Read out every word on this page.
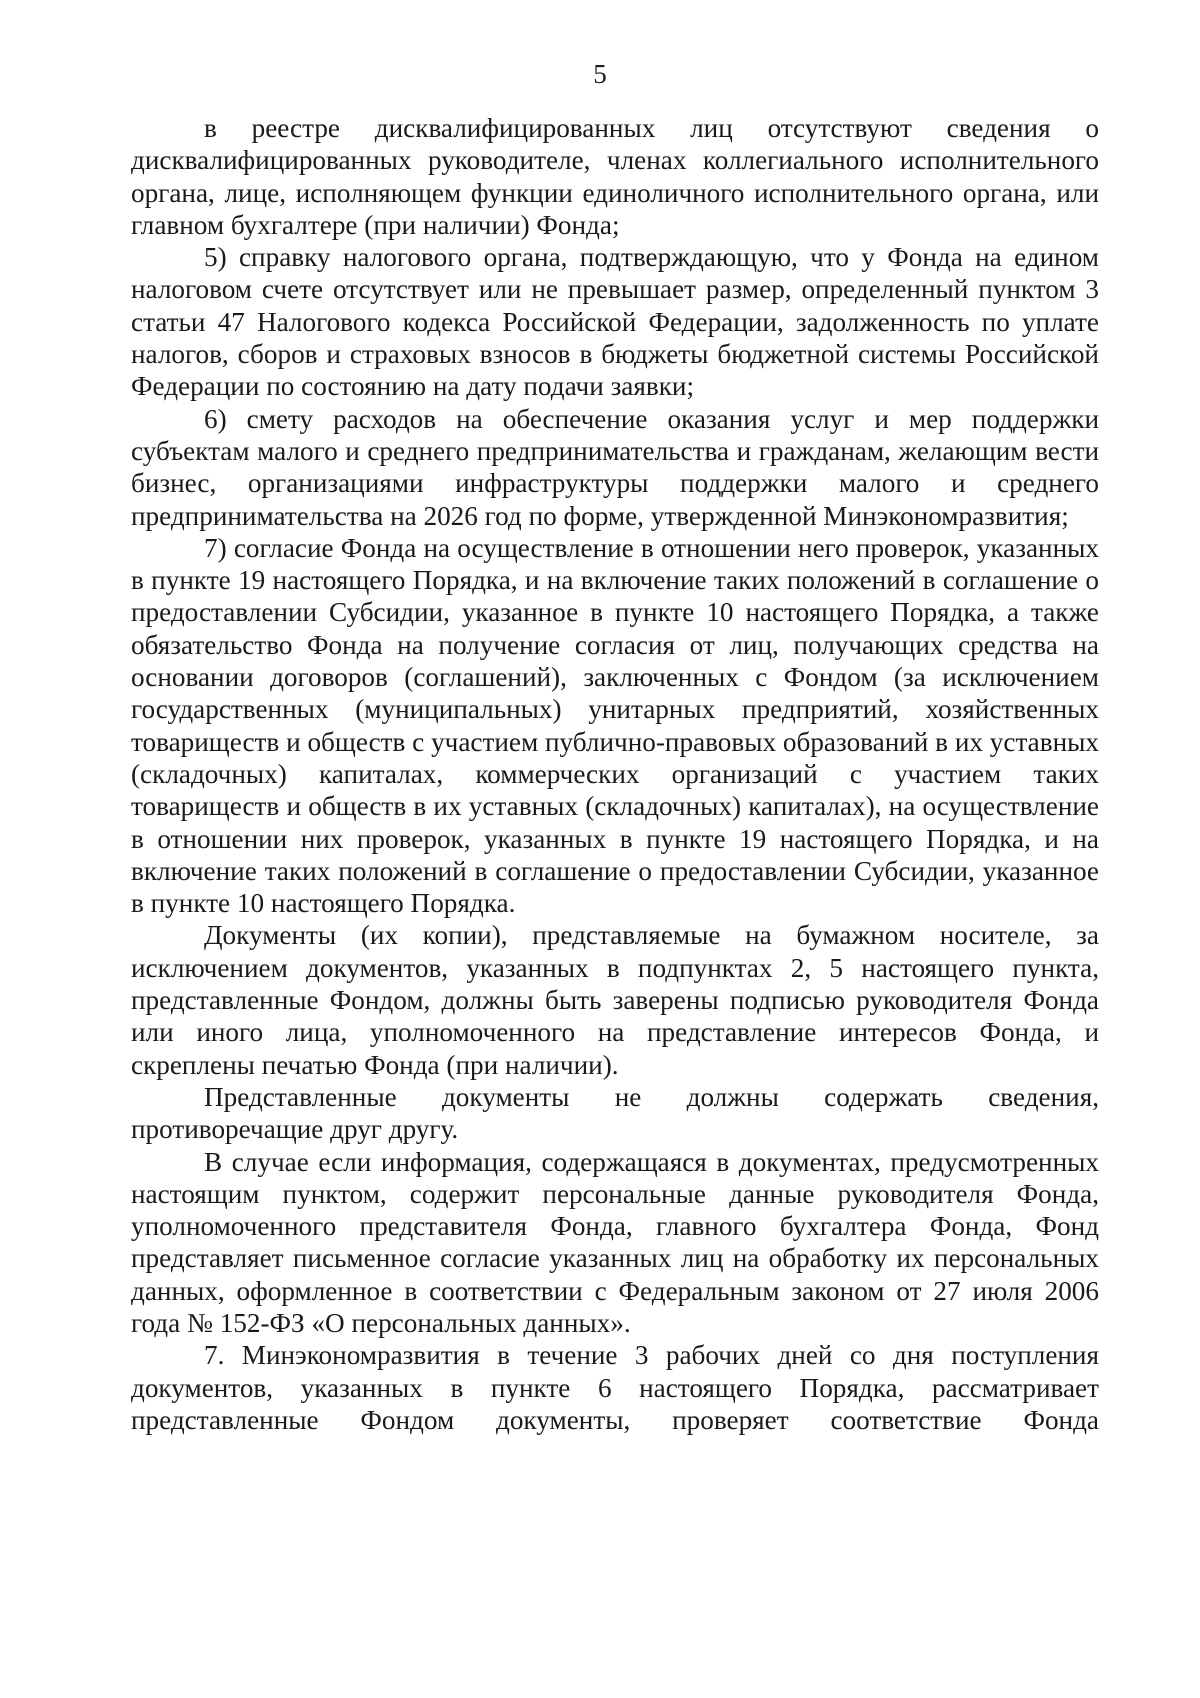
5

в реестре дисквалифицированных лиц отсутствуют сведения о дисквалифицированных руководителе, членах коллегиального исполнительного органа, лице, исполняющем функции единоличного исполнительного органа, или главном бухгалтере (при наличии) Фонда;

5) справку налогового органа, подтверждающую, что у Фонда на едином налоговом счете отсутствует или не превышает размер, определенный пунктом 3 статьи 47 Налогового кодекса Российской Федерации, задолженность по уплате налогов, сборов и страховых взносов в бюджеты бюджетной системы Российской Федерации по состоянию на дату подачи заявки;

6) смету расходов на обеспечение оказания услуг и мер поддержки субъектам малого и среднего предпринимательства и гражданам, желающим вести бизнес, организациями инфраструктуры поддержки малого и среднего предпринимательства на 2026 год по форме, утвержденной Минэкономразвития;

7) согласие Фонда на осуществление в отношении него проверок, указанных в пункте 19 настоящего Порядка, и на включение таких положений в соглашение о предоставлении Субсидии, указанное в пункте 10 настоящего Порядка, а также обязательство Фонда на получение согласия от лиц, получающих средства на основании договоров (соглашений), заключенных с Фондом (за исключением государственных (муниципальных) унитарных предприятий, хозяйственных товариществ и обществ с участием публично-правовых образований в их уставных (складочных) капиталах, коммерческих организаций с участием таких товариществ и обществ в их уставных (складочных) капиталах), на осуществление в отношении них проверок, указанных в пункте 19 настоящего Порядка, и на включение таких положений в соглашение о предоставлении Субсидии, указанное в пункте 10 настоящего Порядка.

Документы (их копии), представляемые на бумажном носителе, за исключением документов, указанных в подпунктах 2, 5 настоящего пункта, представленные Фондом, должны быть заверены подписью руководителя Фонда или иного лица, уполномоченного на представление интересов Фонда, и скреплены печатью Фонда (при наличии).

Представленные документы не должны содержать сведения, противоречащие друг другу.

В случае если информация, содержащаяся в документах, предусмотренных настоящим пунктом, содержит персональные данные руководителя Фонда, уполномоченного представителя Фонда, главного бухгалтера Фонда, Фонд представляет письменное согласие указанных лиц на обработку их персональных данных, оформленное в соответствии с Федеральным законом от 27 июля 2006 года № 152-ФЗ «О персональных данных».

7. Минэкономразвития в течение 3 рабочих дней со дня поступления документов, указанных в пункте 6 настоящего Порядка, рассматривает представленные Фондом документы, проверяет соответствие Фонда
